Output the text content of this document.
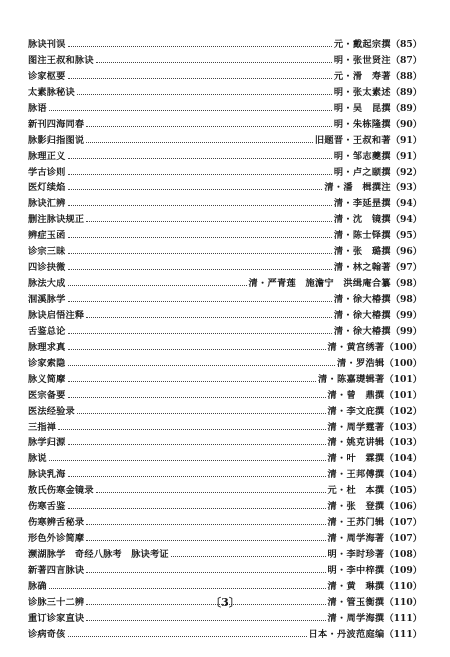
脉诀刊误	元・戴起宗撰 （85）
图注王叔和脉诀	明・张世贤注 （87）
诊家枢要	元・滑　寿著 （88）
太素脉秘诀	明・张太素述 （89）
脉语	明・吴　昆撰 （89）
新刊四海同春	明・朱栋隆撰 （90）
脉影归指图说	旧题晋・王叔和著 （91）
脉理正义	明・邹志夔撰 （91）
学古诊则	明・卢之颐撰 （92）
医灯续焰	清・潘　楫撰注 （93）
脉诀汇辨	清・李延昰撰 （94）
删注脉诀规正	清・沈　镜撰 （94）
辨症玉函	清・陈士铎撰 （95）
诊宗三昧	清・张　璐撰 （96）
四诊抉微	清・林之翰著 （97）
脉法大成	清・严青莲　施澹宁　洪缉庵合纂 （98）
洄溪脉学	清・徐大椿撰 （98）
脉诀启悟注释	清・徐大椿撰 （99）
舌鉴总论	清・徐大椿撰 （99）
脉理求真	清・黄宫绣著 （100）
诊家索隐	清・罗浩辑 （100）
脉义简摩	清・陈嘉璴辑著 （101）
医宗备要	清・曾　鼎撰 （101）
医法经验录	清・李文庇撰 （102）
三指禅	清・周学霆著 （103）
脉学归源	清・姚克讲辑 （103）
脉说	清・叶　霖撰 （104）
脉诀乳海	清・王邦傅撰 （104）
敖氏伤寒金镜录	元・杜　本撰 （105）
伤寒舌鉴	清・张　登撰 （106）
伤寒辨舌秘录	清・王苏门辑 （107）
形色外诊简摩	清・周学海著 （107）
濒湖脉学　奇经八脉考　脉诀考证	明・李时珍著 （108）
新著四言脉诀	明・李中梓撰 （109）
脉确	清・黄　琳撰 （110）
诊脉三十二辨	清・管玉衡撰 （110）
重订诊家直诀	清・周学海撰 （111）
诊病奇侅	日本・丹波范庭编 （111）
〔3〕
